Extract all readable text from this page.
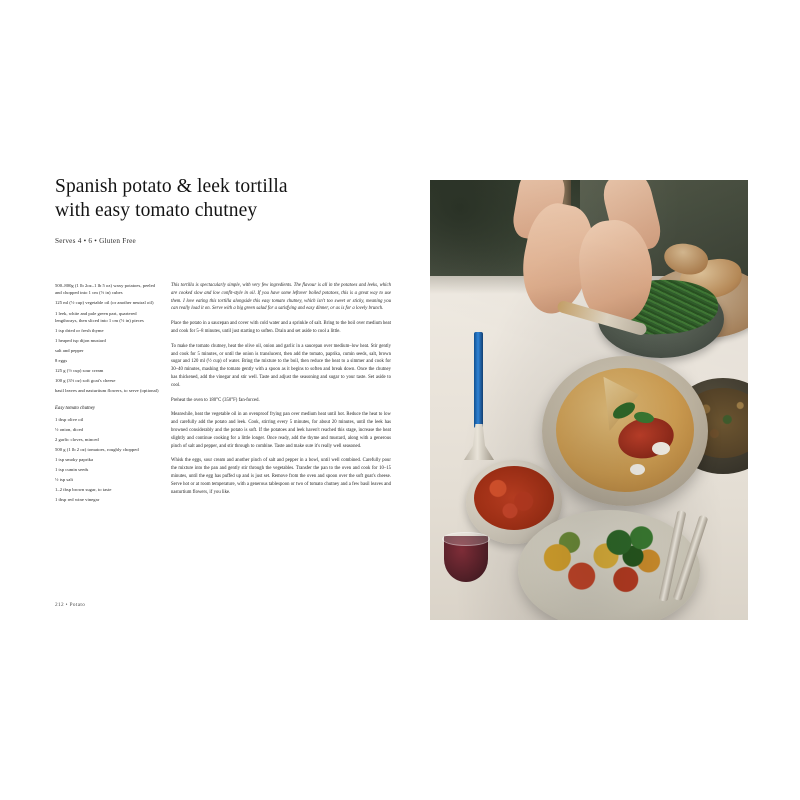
Spanish potato & leek tortilla
with easy tomato chutney
Serves 4 • 6 • Gluten Free

500–800g (1 lb 2oz–1 lb 5 oz) waxy potatoes, peeled and chopped into 1 cm (½ in) cubes

125 ml (½ cup) vegetable oil (or another neutral oil)

1 leek, white and pale green part, quartered lengthways, then sliced into 1 cm (½ in) pieces

1 tsp dried or fresh thyme

1 heaped tsp dijon mustard

salt and pepper

8 eggs

125 g (½ cup) sour cream

100 g (3½ oz) soft goat's cheese

basil leaves and nasturtium flowers, to serve (optional)

Easy tomato chutney

1 tbsp olive oil

½ onion, diced

2 garlic cloves, minced

500 g (1 lb 2 oz) tomatoes, roughly chopped

1 tsp smoky paprika

1 tsp cumin seeds

½ tsp salt

1–2 tbsp brown sugar, to taste

1 tbsp red wine vinegar

This tortilla is spectacularly simple, with very few ingredients. The flavour is all in the potatoes and leeks, which are cooked slow and low confit-style in oil. If you have some leftover boiled potatoes, this is a great way to use them. I love eating this tortilla alongside this easy tomato chutney, which isn't too sweet or sticky, meaning you can really load it on. Serve with a big green salad for a satisfying and easy dinner, or as is for a lovely brunch.

Place the potato in a saucepan and cover with cold water and a sprinkle of salt. Bring to the boil over medium heat and cook for 5–8 minutes, until just starting to soften. Drain and set aside to cool a little.

To make the tomato chutney, heat the olive oil, onion and garlic in a saucepan over medium–low heat. Stir gently and cook for 5 minutes, or until the onion is translucent, then add the tomato, paprika, cumin seeds, salt, brown sugar and 120 ml (½ cup) of water. Bring the mixture to the boil, then reduce the heat to a simmer and cook for 30–40 minutes, mashing the tomato gently with a spoon as it begins to soften and break down. Once the chutney has thickened, add the vinegar and stir well. Taste and adjust the seasoning and sugar to your taste. Set aside to cool.

Preheat the oven to 180°C (350°F) fan-forced.

Meanwhile, heat the vegetable oil in an ovenproof frying pan over medium heat until hot. Reduce the heat to low and carefully add the potato and leek. Cook, stirring every 5 minutes, for about 20 minutes, until the leek has browned considerably and the potato is soft. If the potatoes and leek haven't reached this stage, increase the heat slightly and continue cooking for a little longer. Once ready, add the thyme and mustard, along with a generous pinch of salt and pepper, and stir through to combine. Taste and make sure it's really well seasoned.

Whisk the eggs, sour cream and another pinch of salt and pepper in a bowl, until well combined. Carefully pour the mixture into the pan and gently stir through the vegetables. Transfer the pan to the oven and cook for 10–15 minutes, until the egg has puffed up and is just set. Remove from the oven and spoon over the soft goat's cheese. Serve hot or at room temperature, with a generous tablespoon or two of tomato chutney and a few basil leaves and nasturtium flowers, if you like.

212 • Potato
